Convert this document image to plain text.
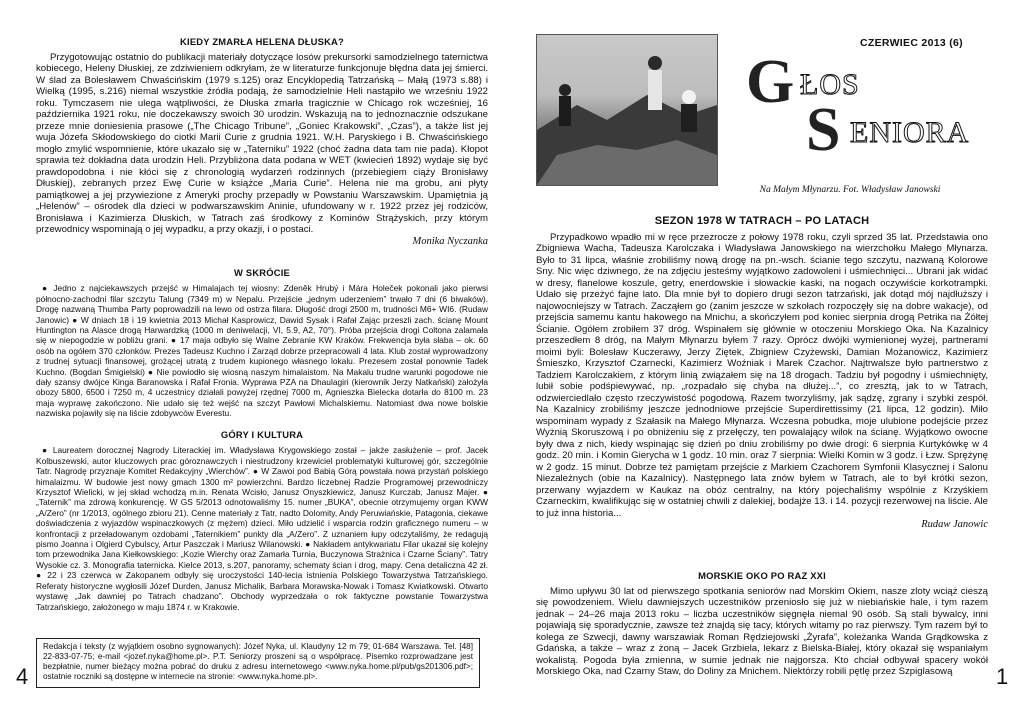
KIEDY ZMARŁA HELENA DŁUSKA?

Przygotowując ostatnio do publikacji materiały dotyczące losów prekursorki samodzielnego taternictwa kobiecego, Heleny Dłuskiej, ze zdziwieniem odkryłam, że w literaturze funkcjonuje błędna data jej śmierci. W ślad za Bolesławem Chwaścińskim (1979 s.125) oraz Encyklopedią Tatrzańską – Małą (1973 s.88) i Wielką (1995, s.216) niemal wszystkie źródła podają, że samodzielnie Heli nastąpiło we wrześniu 1922 roku. Tymczasem nie ulega wątpliwości, że Dłuska zmarła tragicznie w Chicago rok wcześniej, 16 października 1921 roku, nie doczekawszy swoich 30 urodzin. Wskazują na to jednoznacznie odszukane przeze mnie doniesienia prasowe („The Chicago Tribune”, „Goniec Krakowski”, „Czas”), a także list jej wuja Józefa Skłodowskiego do ciotki Marii Curie z grudnia 1921. W.H. Paryskiego i B. Chwaścińskiego mogło zmylić wspomnienie, które ukazało się w „Taterniku” 1922 (choć żadna data tam nie pada). Kłopot sprawia też dokładna data urodzin Heli. Przybliżona data podana w WET (kwiecień 1892) wydaje się być prawdopodobna i nie kłóci się z chronologią wydarzeń rodzinnych (przebiegiem ciąży Bronisławy Dłuskiej), zebranych przez Ewę Curie w książce „Maria Curie”. Helena nie ma grobu, ani płyty pamiątkowej a jej przywiezione z Ameryki prochy przepadły w Powstaniu Warszawskim. Upamiętnia ją „Helenów” – ośrodek dla dzieci w podwarszawskim Aninie, ufundowany w r. 1922 przez jej rodziców, Bronisława i Kazimierza Dłuskich, w Tatrach zaś środkowy z Kominów Strążyskich, przy którym przewodnicy wspominają o jej wypadku, a przy okazji, i o postaci.

Monika Nyczanka
W SKRÓCIE

● Jedno z najciekawszych przejść w Himalajach tej wiosny: Zdeněk Hrubý i Mára Holeček pokonali jako pierwsi północno-zachodni filar szczytu Talung (7349 m) w Nepalu. Przejście „jednym uderzeniem” trwało 7 dni (6 biwaków). Drogę nazwaną Thumba Party poprowadzili na lewo od ostrza filara. Długość drogi 2500 m, trudności M6+ WI6. (Rudaw Janowic) ● W dniach 18 i 19 kwietnia 2013 Michał Kasprowicz, Dawid Sysak i Rafał Zając przeszli zach. ścianę Mount Huntington na Alasce drogą Harwardzką (1000 m deniwelacji, VI, 5.9, A2, 70°). Próba przejścia drogi Coltona zalamała się w niepogodzie w pobliżu grani. ● 17 maja odbyło się Walne Zebranie KW Kraków. Frekwencja była słaba – ok. 60 osób na ogółem 370 członków. Prezes Tadeusz Kuchno i Zarząd dobrze przepracowali 4 lata. Klub został wyprowadzony z trudnej sytuacji finansowej, grożącej utratą z trudem kupionego własnego lokalu. Prezesem został ponownie Tadek Kuchno. (Bogdan Śmigielski) ● Nie powiodło się wiosną naszym himalaistom. Na Makalu trudne warunki pogodowe nie dały szansy dwójce Kinga Baranowska i Rafał Fronia. Wyprawa PZA na Dhaulagiri (kierownik Jerzy Natkański) założyła obozy 5800, 6500 i 7250 m, 4 uczestnicy działali powyżej rzędnej 7000 m, Agnieszka Bielecka dotarła do 8100 m. 23 maja wyprawę zakończono. Nie udało się też wejść na szczyt Pawłowi Michalskiemu. Natomiast dwa nowe bolskie nazwiska pojawiły się na liście zdobywców Everestu.

GÓRY I KULTURA

● Laureatem dorocznej Nagrody Literackiej im. Władysława Krygowskiego został – jakże zasłużenie – prof. Jacek Kolbuszewski, autor kluczowych prac góroznawczych i niestrudzony krzewiciel problematyki kulturowej gór, szczególnie Tatr. Nagrodę przyznaje Komitet Redakcyjny „Wierchów”. ● W Zawoi pod Babią Górą powstała nowa przystań polskiego himalaizmu. W budowie jest nowy gmach 1300 m² powierzchni. Bardzo liczebnej Radzie Programowej przewodniczy Krzysztof Wielicki, w jej skład wchodzą m.in. Renata Wcisło, Janusz Onyszkiewicz, Janusz Kurczab, Janusz Majer. ● „Taternik” ma zdrową konkurencję. W GS 5/2013 odnotowaliśmy 15. numer „BUKA”, obecnie otrzymujemy organ KWW „A/Zero” (nr 1/2013, ogólnego zbioru 21). Cenne materiały z Tatr, nadto Dolomity, Andy Peruwiańskie, Patagonia, ciekawe doświadczenia z wyjazdów wspinaczkowych (z mężem) dzieci. Miło udzielić i wsparcia rodzin graficznego numeru – w konfrontacji z przeładowanym ozdobami „Taternikiem” punkty dla „A/Zero”. Z uznaniem łupy odczytaliśmy, że redagują pismo Joanna i Olgierd Cybulscy, Artur Paszczak i Mariusz Wilanowski. ● Nakładem antykwariatu Filar ukazał się kolejny tom przewodnika Jana Kiełkowskiego: „Kozie Wierchy oraz Zamarła Turnia, Buczynowa Strażnica i Czarne Ściany”. Tatry Wysokie cz. 3. Monografia taternicka. Kielce 2013, s.207, panoramy, schematy ścian i drog, mapy. Cena detaliczna 42 zł. ● 22 i 23 czerwca w Zakopanem odbyły się uroczystości 140-lecia istnienia Polskiego Towarzystwa Tatrzańskiego. Referaty historyczne wygłosili Józef Durden, Janusz Michalik, Barbara Morawska-Nowak i Tomasz Kwiatkowski. Otwarto wystawę „Jak dawniej po Tatrach chadzano”. Obchody wyprzedzała o rok faktyczne powstanie Towarzystwa Tatrzańskiego, założonego w maju 1874 r. w Krakowie.

Redakcja i teksty (z wyjątkiem osobno sygnowanych): Józef Nyka, ul. Klaudyny 12 m 79; 01-684 Warszawa. Tel. [48] 22-833-07-75; e-mail <jozef.nyka@home.pl>. P.T. Seniorzy proszeni są o współpracę. Pisemko rozprowadzane jest bezpłatnie, numer bieżący można pobrać do druku z adresu internetowego <www.nyka.home.pl/pub/gs201306.pdf>; ostatnie roczniki są dostępne w internecie na stronie: <www.nyka.home.pl>.
4
Na Małym Młynarzu. Fot. Władysław Janowski
CZERWIEC 2013 (6)
G ŁOS
S ENIORA
SEZON 1978 W TATRACH – PO LATACH

Przypadkowo wpadło mi w ręce przezrocze z połowy 1978 roku, czyli sprzed 35 lat. Przedstawia ono Zbigniewa Wacha, Tadeusza Karolczaka i Władysława Janowskiego na wierzchołku Małego Młynarza. Było to 31 lipca, właśnie zrobiliśmy nową drogę na pn.-wsch. ścianie tego szczytu, nazwaną Kolorowe Sny. Nic więc dziwnego, że na zdjęciu jesteśmy wyjątkowo zadowoleni i uśmiechnięci... Ubrani jak widać w dresy, flanelowe koszule, getry, enerdowskie i słowackie kaski, na nogach oczywiście korkotrampki. Udało się przeżyć fajne lato. Dla mnie był to dopiero drugi sezon tatrzański, jak dotąd mój najdłuższy i najowocniejszy w Tatrach. Zacząłem go (zanim jeszcze w szkołach rozpoczęły się na dobre wakacje), od przejścia samemu kantu hakowego na Mnichu, a skończyłem pod koniec sierpnia drogą Petrika na Żółtej Ścianie. Ogółem zrobiłem 37 dróg. Wspinałem się głównie w otoczeniu Morskiego Oka. Na Kazalnicy przeszedłem 8 dróg, na Małym Młynarzu byłem 7 razy. Oprócz dwójki wymienionej wyżej, partnerami moimi byli: Bolesław Kuczerawy, Jerzy Ziętek, Zbigniew Czyżewski, Damian Możanowicz, Kazimierz Śmieszko, Krzysztof Czarnecki, Kazimierz Woźniak i Marek Czachor. Najtrwalsze było partnerstwo z Tadziem Karolczakiem, z którym linią związałem się na 18 drogach. Tadziu był pogodny i uśmiechnięty, lubił sobie podśpiewywać, np. „rozpadało się chyba na dłużej...”, co zresztą, jak to w Tatrach, odzwierciedlało często rzeczywistość pogodową. Razem tworzyliśmy, jak sądzę, zgrany i szybki zespół. Na Kazalnicy zrobiliśmy jeszcze jednodniowe przejście Superdirettissimy (21 lipca, 12 godzin). Miło wspominam wypady z Szałasik na Małego Młynarza. Wczesna pobudka, moje ulubione podejście przez Wyżnią Skoruszową i po obniżeniu się z przełęczy, ten powalający wilok na ścianę. Wyjątkowo owocne były dwa z nich, kiedy wspinając się dzień po dniu zrobiliśmy po dwie drogi: 6 sierpnia Kurtykówkę w 4 godz. 20 min. i Komin Gierycha w 1 godz. 10 min. oraz 7 sierpnia: Wielki Komin w 3 godz. i Łzw. Sprężynę w 2 godz. 15 minut. Dobrze też pamiętam przejście z Markiem Czachorem Symfonii Klasycznej i Salonu Niezależnych (obie na Kazalnicy). Następnego lata znów byłem w Tatrach, ale to był krótki sezon, przerwany wyjazdem w Kaukaz na obóz centralny, na który pojechaliśmy wspólnie z Krzyśkiem Czarneckim, kwalifikując się w ostatniej chwili z dalekiej, bodajże 13. i 14. pozycji rezerwowej na liście. Ale to już inna historia...

Rudaw Janowic
MORSKIE OKO PO RAZ XXI

Mimo upływu 30 lat od pierwszego spotkania seniorów nad Morskim Okiem, nasze zloty wciąż cieszą się powodzeniem. Wielu dawniejszych uczestników przeniosło się już w niebiańskie hale, i tym razem jednak – 24–26 maja 2013 roku – liczba uczestników sięgnęła niemal 90 osób. Są stali bywalcy, inni pojawiają się sporadycznie, zawsze też znajdą się tacy, których witamy po raz pierwszy. Tym razem był to kolega ze Szwecji, dawny warszawiak Roman Rędziejowski „Żyrafa”, koleżanka Wanda Grądkowska z Gdańska, a także – wraz z żoną – Jacek Grzbiela, lekarz z Bielska-Białej, który okazał się wspaniałym wokalistą. Pogoda była zmienna, w sumie jednak nie najgorsza. Kto chciał odbywał spacery wokół Morskiego Oka, nad Czarny Staw, do Doliny za Mnichem. Niektórzy robili pętlę przez Szpiglasową	1
